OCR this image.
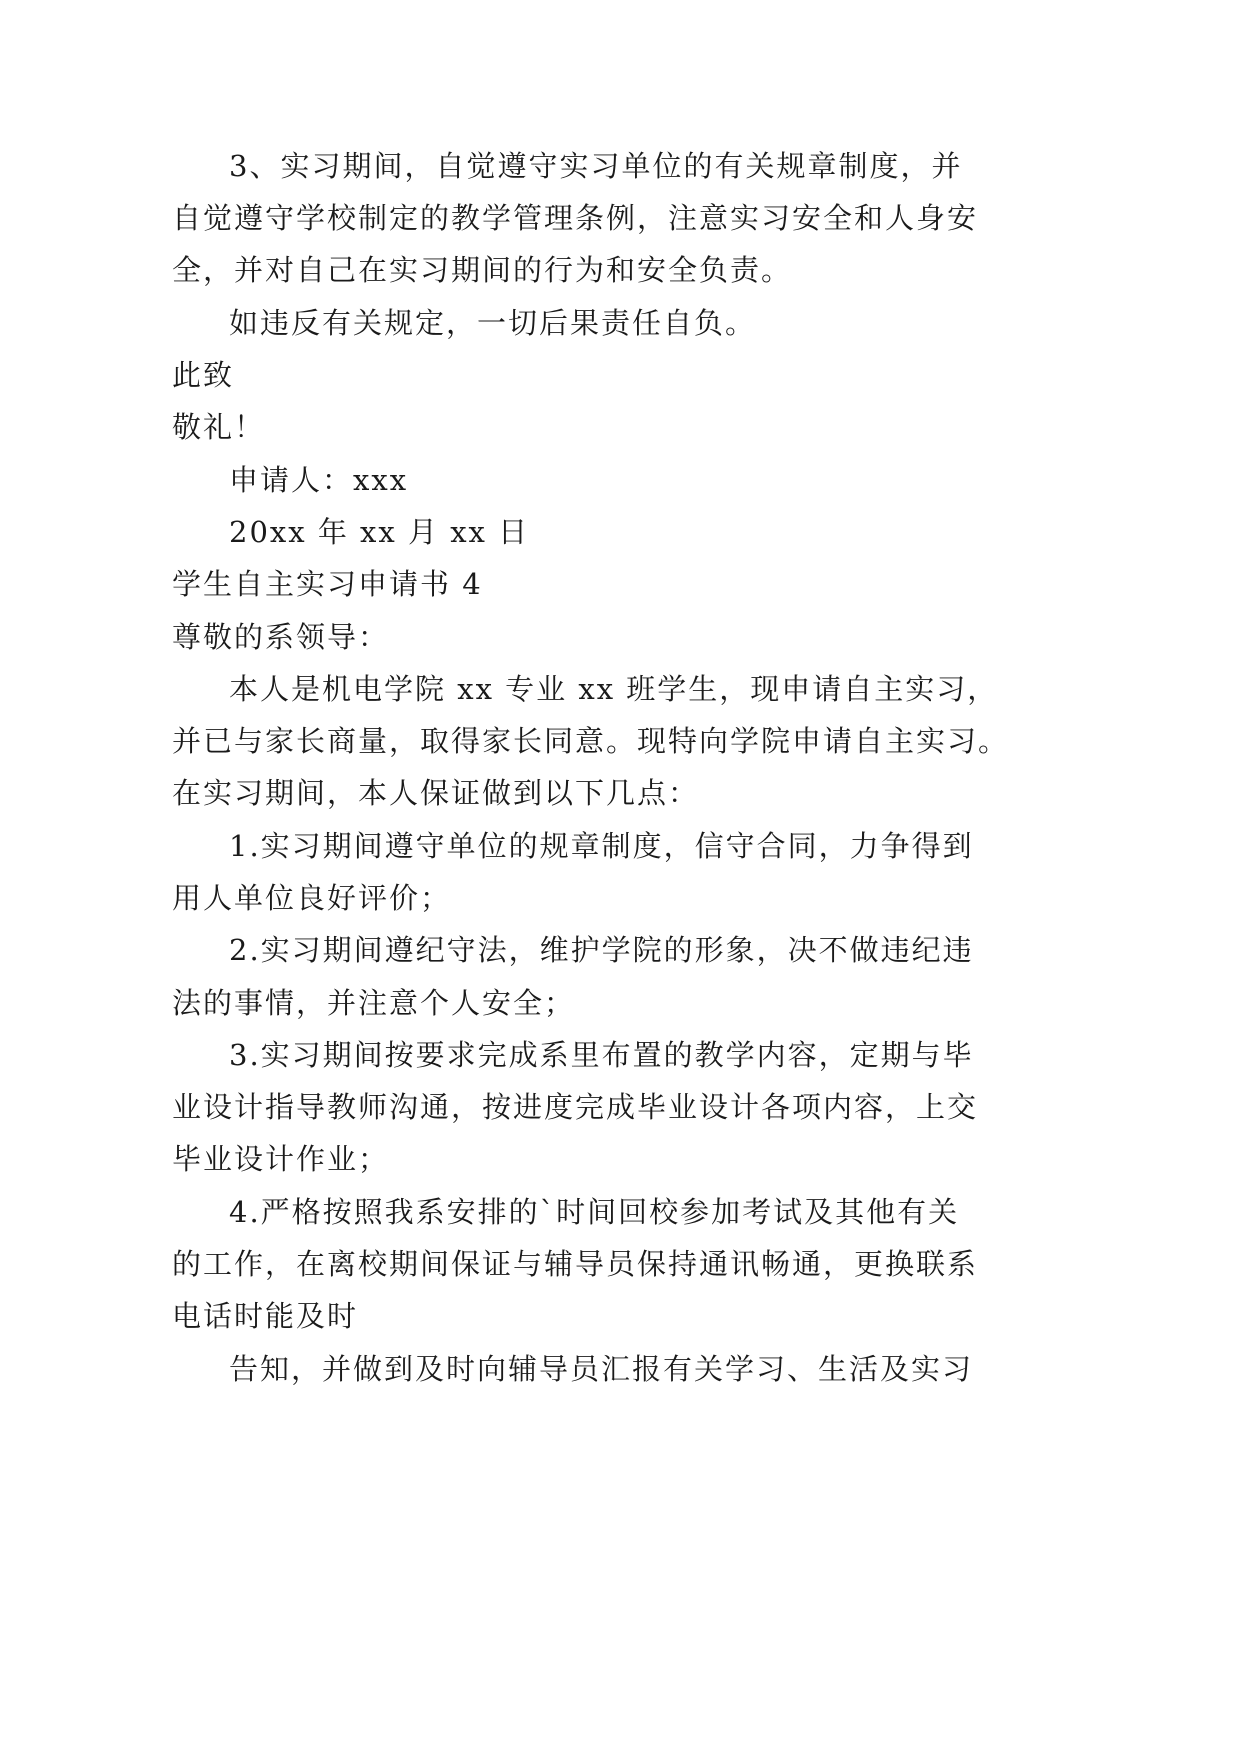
3、实习期间，自觉遵守实习单位的有关规章制度，并

自觉遵守学校制定的教学管理条例，注意实习安全和人身安

全，并对自己在实习期间的行为和安全负责。

如违反有关规定，一切后果责任自负。

此致

敬礼！

申请人：xxx

20xx 年 xx 月 xx 日

学生自主实习申请书 4

尊敬的系领导：

本人是机电学院 xx 专业 xx 班学生，现申请自主实习，

并已与家长商量，取得家长同意。现特向学院申请自主实习。

在实习期间，本人保证做到以下几点：

1.实习期间遵守单位的规章制度，信守合同，力争得到

用人单位良好评价；

2.实习期间遵纪守法，维护学院的形象，决不做违纪违

法的事情，并注意个人安全；

3.实习期间按要求完成系里布置的教学内容，定期与毕

业设计指导教师沟通，按进度完成毕业设计各项内容，上交

毕业设计作业；

4.严格按照我系安排的`时间回校参加考试及其他有关

的工作，在离校期间保证与辅导员保持通讯畅通，更换联系

电话时能及时

告知，并做到及时向辅导员汇报有关学习、生活及实习
